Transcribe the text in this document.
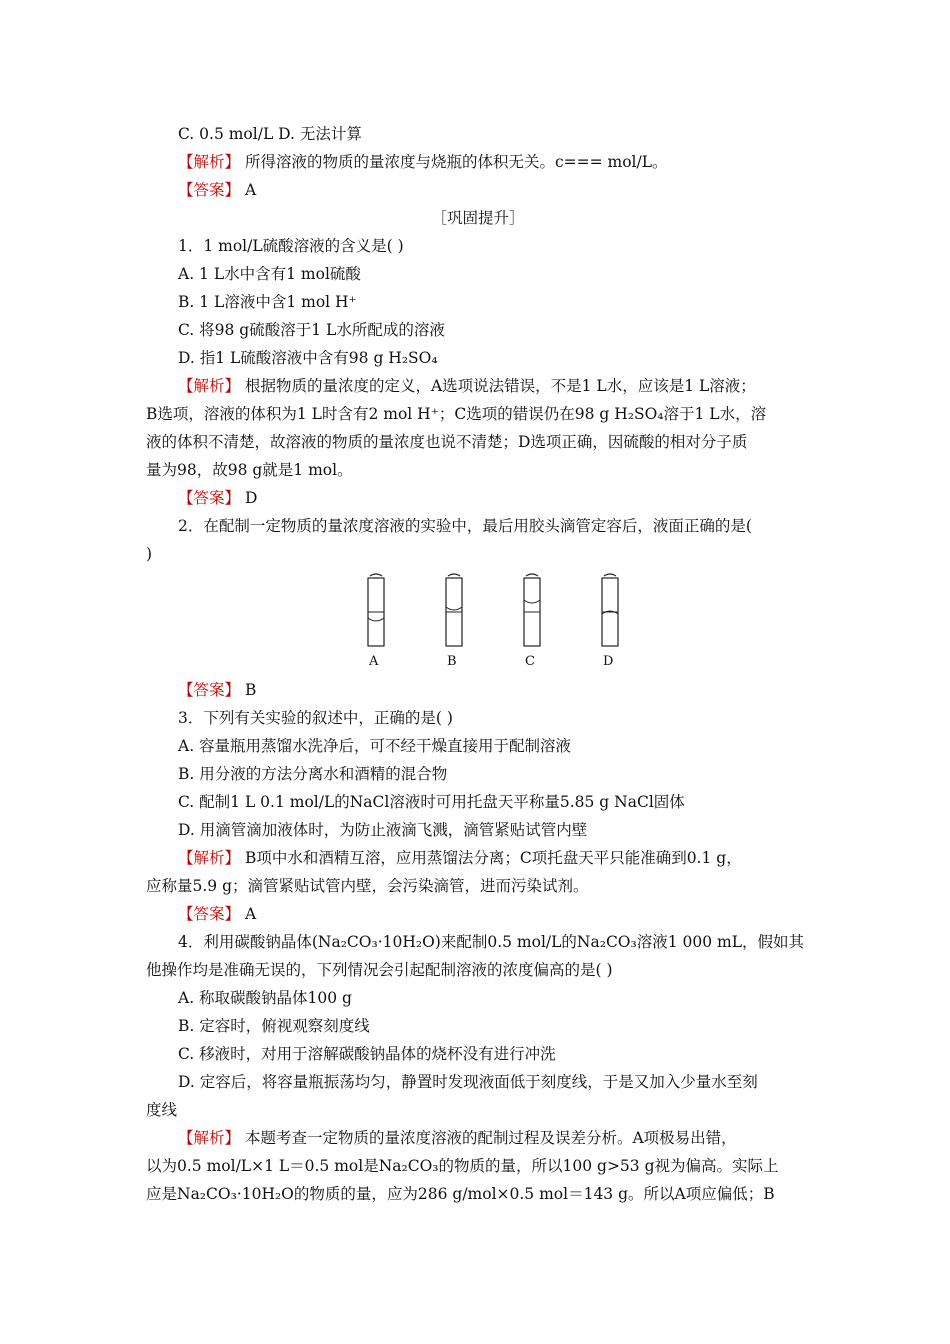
C. 0.5 mol/L D. 无法计算
【解析】 所得溶液的物质的量浓度与烧瓶的体积无关。c=== mol/L。
【答案】 A
［巩固提升］
1．1 mol/L硫酸溶液的含义是( )
A. 1 L水中含有1 mol硫酸
B. 1 L溶液中含1 mol H⁺
C. 将98 g硫酸溶于1 L水所配成的溶液
D. 指1 L硫酸溶液中含有98 g H₂SO₄
【解析】 根据物质的量浓度的定义，A选项说法错误，不是1 L水，应该是1 L溶液；
B选项，溶液的体积为1 L时含有2 mol H⁺；C选项的错误仍在98 g H₂SO₄溶于1 L水，溶
液的体积不清楚，故溶液的物质的量浓度也说不清楚；D选项正确，因硫酸的相对分子质
量为98，故98 g就是1 mol。
【答案】 D
2．在配制一定物质的量浓度溶液的实验中，最后用胶头滴管定容后，液面正确的是(
)
【答案】 B
3．下列有关实验的叙述中，正确的是( )
A. 容量瓶用蒸馏水洗净后，可不经干燥直接用于配制溶液
B. 用分液的方法分离水和酒精的混合物
C. 配制1 L 0.1 mol/L的NaCl溶液时可用托盘天平称量5.85 g NaCl固体
D. 用滴管滴加液体时，为防止液滴飞溅，滴管紧贴试管内壁
【解析】 B项中水和酒精互溶，应用蒸馏法分离；C项托盘天平只能准确到0.1 g，
应称量5.9 g；滴管紧贴试管内壁，会污染滴管，进而污染试剂。
【答案】 A
4．利用碳酸钠晶体(Na₂CO₃·10H₂O)来配制0.5 mol/L的Na₂CO₃溶液1 000 mL，假如其
他操作均是准确无误的，下列情况会引起配制溶液的浓度偏高的是( )
A. 称取碳酸钠晶体100 g
B. 定容时，俯视观察刻度线
C. 移液时，对用于溶解碳酸钠晶体的烧杯没有进行冲洗
D. 定容后，将容量瓶振荡均匀，静置时发现液面低于刻度线，于是又加入少量水至刻
度线
【解析】 本题考查一定物质的量浓度溶液的配制过程及误差分析。A项极易出错，
以为0.5 mol/L×1 L＝0.5 mol是Na₂CO₃的物质的量，所以100 g>53 g视为偏高。实际上
应是Na₂CO₃·10H₂O的物质的量，应为286 g/mol×0.5 mol＝143 g。所以A项应偏低；B
A	B	C	D
